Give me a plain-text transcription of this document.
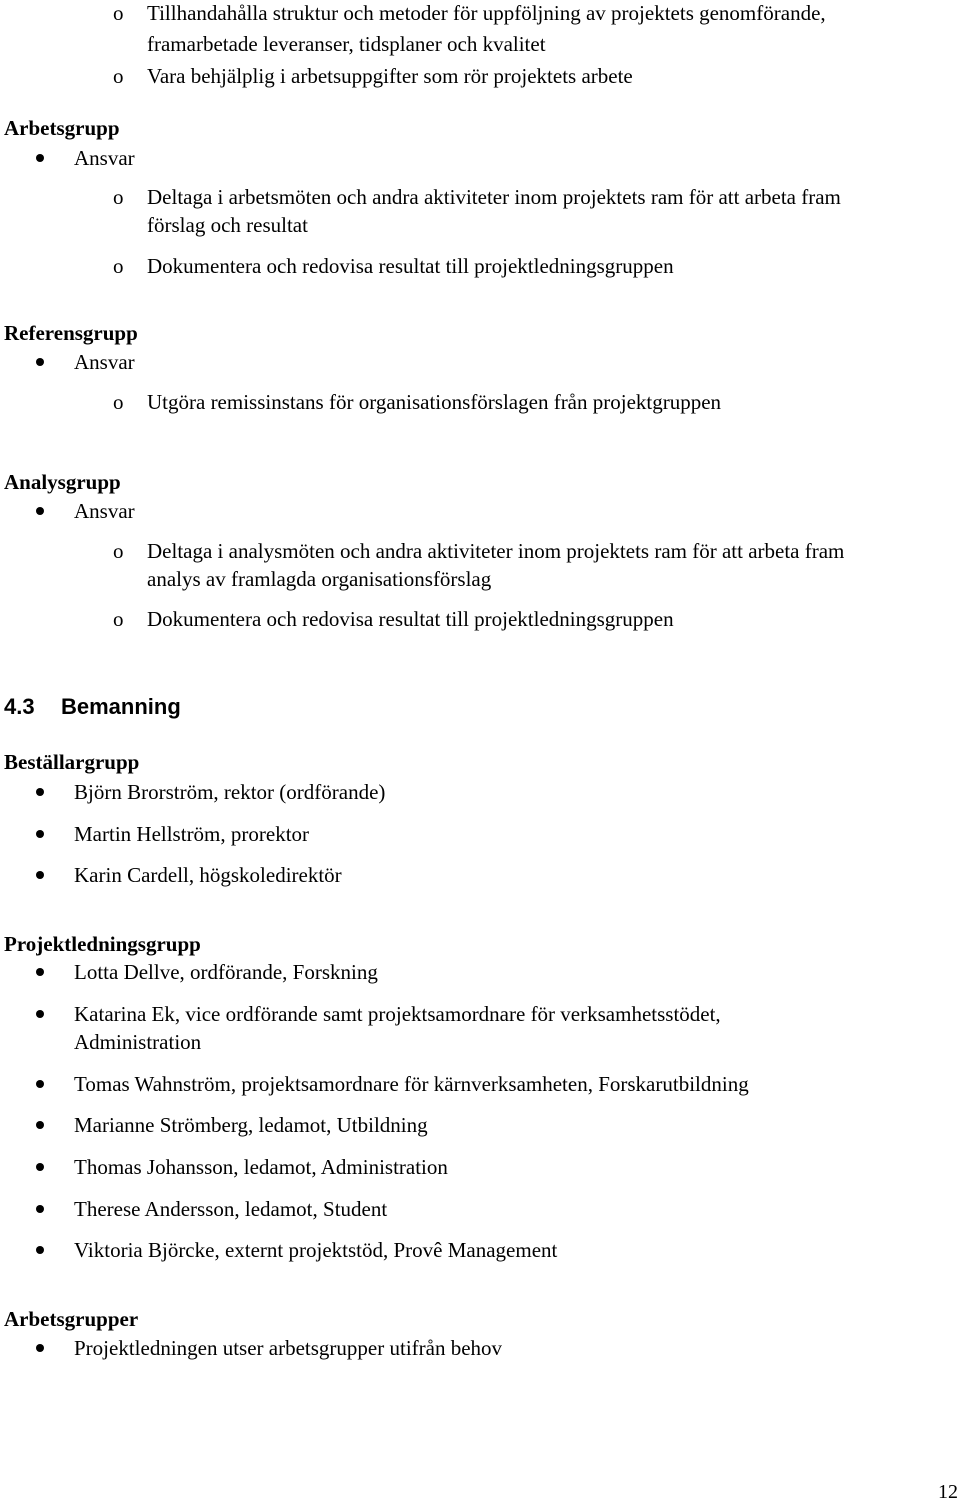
o Tillhandahålla struktur och metoder för uppföljning av projektets genomförande,
framarbetade leveranser, tidsplaner och kvalitet
o Vara behjälplig i arbetsuppgifter som rör projektets arbete
Arbetsgrupp
Ansvar
o Deltaga i arbetsmöten och andra aktiviteter inom projektets ram för att arbeta fram
förslag och resultat
o Dokumentera och redovisa resultat till projektledningsgruppen
Referensgrupp
Ansvar
o Utgöra remissinstans för organisationsförslagen från projektgruppen
Analysgrupp
Ansvar
o Deltaga i analysmöten och andra aktiviteter inom projektets ram för att arbeta fram
analys av framlagda organisationsförslag
o Dokumentera och redovisa resultat till projektledningsgruppen
4.3 Bemanning
Beställargrupp
Björn Brorström, rektor (ordförande)
Martin Hellström, prorektor
Karin Cardell, högskoledirektör
Projektledningsgrupp
Lotta Dellve, ordförande, Forskning
Katarina Ek, vice ordförande samt projektsamordnare för verksamhetsstödet,
Administration
Tomas Wahnström, projektsamordnare för kärnverksamheten, Forskarutbildning
Marianne Strömberg, ledamot, Utbildning
Thomas Johansson, ledamot, Administration
Therese Andersson, ledamot, Student
Viktoria Björcke, externt projektstöd, Provê Management
Arbetsgrupper
Projektledningen utser arbetsgrupper utifrån behov
12
